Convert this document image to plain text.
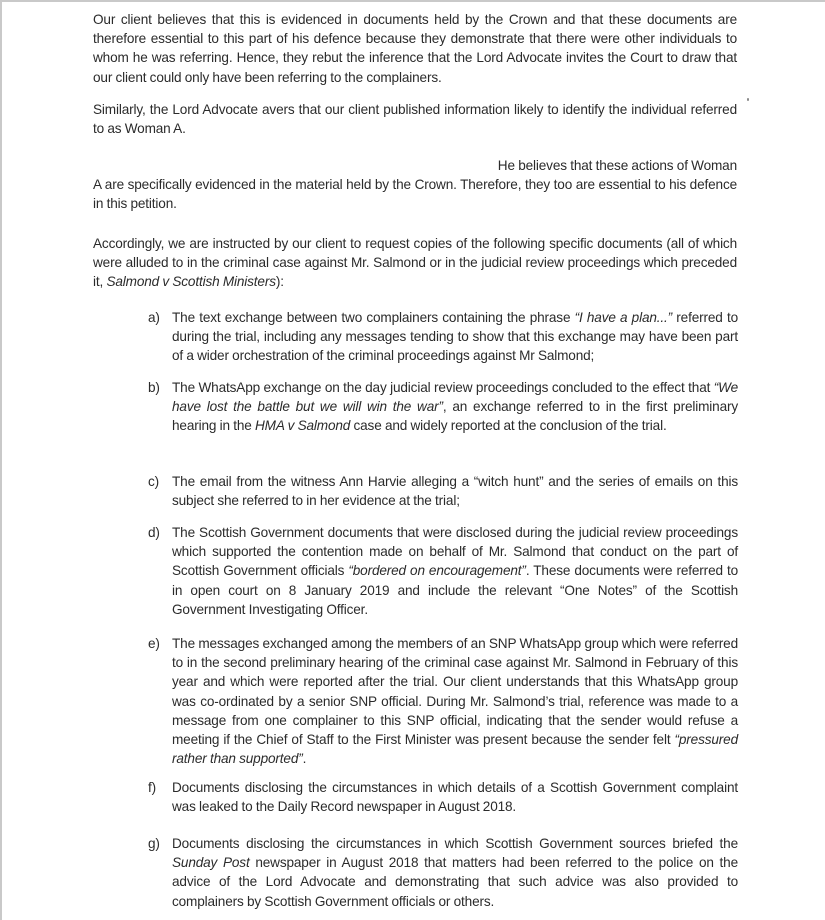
Our client believes that this is evidenced in documents held by the Crown and that these documents are therefore essential to this part of his defence because they demonstrate that there were other individuals to whom he was referring. Hence, they rebut the inference that the Lord Advocate invites the Court to draw that our client could only have been referring to the complainers.
Similarly, the Lord Advocate avers that our client published information likely to identify the individual referred to as Woman A.
He believes that these actions of Woman
A are specifically evidenced in the material held by the Crown. Therefore, they too are essential to his defence in this petition.
Accordingly, we are instructed by our client to request copies of the following specific documents (all of which were alluded to in the criminal case against Mr. Salmond or in the judicial review proceedings which preceded it, Salmond v Scottish Ministers):
a) The text exchange between two complainers containing the phrase “I have a plan...” referred to during the trial, including any messages tending to show that this exchange may have been part of a wider orchestration of the criminal proceedings against Mr Salmond;
b) The WhatsApp exchange on the day judicial review proceedings concluded to the effect that “We have lost the battle but we will win the war”, an exchange referred to in the first preliminary hearing in the HMA v Salmond case and widely reported at the conclusion of the trial.
c) The email from the witness Ann Harvie alleging a “witch hunt” and the series of emails on this subject she referred to in her evidence at the trial;
d) The Scottish Government documents that were disclosed during the judicial review proceedings which supported the contention made on behalf of Mr. Salmond that conduct on the part of Scottish Government officials “bordered on encouragement”. These documents were referred to in open court on 8 January 2019 and include the relevant “One Notes” of the Scottish Government Investigating Officer.
e) The messages exchanged among the members of an SNP WhatsApp group which were referred to in the second preliminary hearing of the criminal case against Mr. Salmond in February of this year and which were reported after the trial. Our client understands that this WhatsApp group was co-ordinated by a senior SNP official. During Mr. Salmond’s trial, reference was made to a message from one complainer to this SNP official, indicating that the sender would refuse a meeting if the Chief of Staff to the First Minister was present because the sender felt “pressured rather than supported”.
f)	Documents disclosing the circumstances in which details of a Scottish Government complaint was leaked to the Daily Record newspaper in August 2018.
g) Documents disclosing the circumstances in which Scottish Government sources briefed the Sunday Post newspaper in August 2018 that matters had been referred to the police on the advice of the Lord Advocate and demonstrating that such advice was also provided to complainers by Scottish Government officials or others.
